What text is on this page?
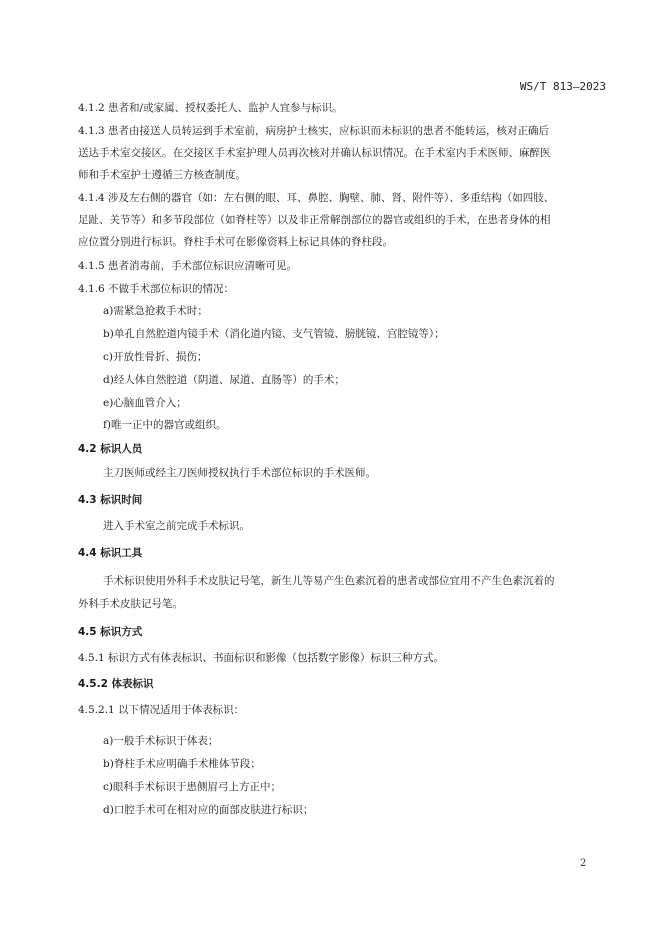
WS/T 813—2023
4.1.2 患者和/或家属、授权委托人、监护人宜参与标识。
4.1.3 患者由接送人员转运到手术室前，病房护士核实，应标识而未标识的患者不能转运，核对正确后
送达手术室交接区。在交接区手术室护理人员再次核对并确认标识情况。在手术室内手术医师、麻醉医
师和手术室护士遵循三方核查制度。
4.1.4 涉及左右侧的器官（如：左右侧的眼、耳、鼻腔、胸壁、肺、肾、附件等）、多重结构（如四肢、
足趾、关节等）和多节段部位（如脊柱等）以及非正常解剖部位的器官或组织的手术，在患者身体的相
应位置分别进行标识。脊柱手术可在影像资料上标记具体的脊柱段。
4.1.5 患者消毒前，手术部位标识应清晰可见。
4.1.6 不做手术部位标识的情况：
a)需紧急抢救手术时；
b)单孔自然腔道内镜手术（消化道内镜、支气管镜、膀胱镜、宫腔镜等）；
c)开放性骨折、损伤；
d)经人体自然腔道（阴道、尿道、直肠等）的手术；
e)心脑血管介入；
f)唯一正中的器官或组织。
4.2 标识人员
主刀医师或经主刀医师授权执行手术部位标识的手术医师。
4.3 标识时间
进入手术室之前完成手术标识。
4.4 标识工具
手术标识使用外科手术皮肤记号笔，新生儿等易产生色素沉着的患者或部位宜用不产生色素沉着的
外科手术皮肤记号笔。
4.5 标识方式
4.5.1 标识方式有体表标识、书面标识和影像（包括数字影像）标识三种方式。
4.5.2 体表标识
4.5.2.1 以下情况适用于体表标识：
a)一般手术标识于体表；
b)脊柱手术应明确手术椎体节段；
c)眼科手术标识于患侧眉弓上方正中；
d)口腔手术可在相对应的面部皮肤进行标识；
2
